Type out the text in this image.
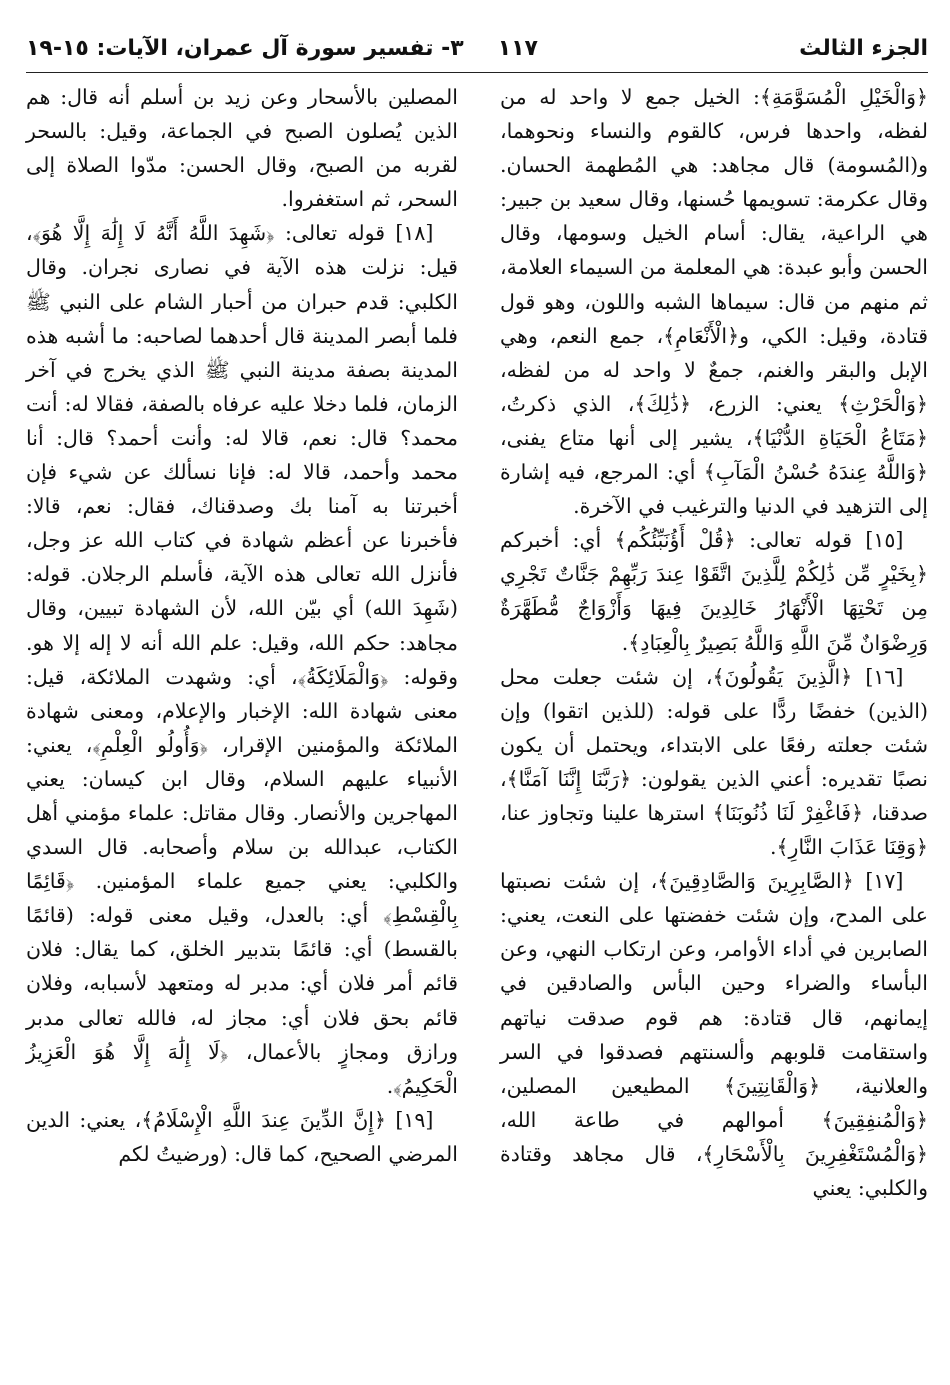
الجزء الثالث
١١٧
٣- تفسير سورة آل عمران، الآيات: ١٥-١٩

﴿وَالْخَيْلِ الْمُسَوَّمَةِ﴾: الخيل جمع لا واحد له من لفظه، واحدها فرس، كالقوم والنساء ونحوهما، و(المُسومة) قال مجاهد: هي المُطهمة الحسان. وقال عكرمة: تسويمها حُسنها، وقال سعيد بن جبير: هي الراعية، يقال: أسام الخيل وسومها، وقال الحسن وأبو عبدة: هي المعلمة من السيماء العلامة، ثم منهم من قال: سيماها الشبه واللون، وهو قول قتادة، وقيل: الكي، و﴿الْأَنْعَامِ﴾، جمع النعم، وهي الإبل والبقر والغنم، جمعٌ لا واحد له من لفظه، ﴿وَالْحَرْثِ﴾ يعني: الزرع، ﴿ذَٰلِكَ﴾، الذي ذكرتُ، ﴿مَتَاعُ الْحَيَاةِ الدُّنْيَا﴾، يشير إلى أنها متاع يفنى، ﴿وَاللَّهُ عِندَهُ حُسْنُ الْمَآبِ﴾ أي: المرجع، فيه إشارة إلى التزهيد في الدنيا والترغيب في الآخرة.

[١٥] قوله تعالى: ﴿قُلْ أَؤُنَبِّئُكُم﴾ أي: أخبركم ﴿بِخَيْرٍ مِّن ذَٰلِكُمْ لِلَّذِينَ اتَّقَوْا عِندَ رَبِّهِمْ جَنَّاتٌ تَجْرِي مِن تَحْتِهَا الْأَنْهَارُ خَالِدِينَ فِيهَا وَأَزْوَاجٌ مُّطَهَّرَةٌ وَرِضْوَانٌ مِّنَ اللَّهِ وَاللَّهُ بَصِيرٌ بِالْعِبَادِ﴾.

[١٦] ﴿الَّذِينَ يَقُولُونَ﴾، إن شئت جعلت محل (الذين) خفضًا ردًّا على قوله: (للذين اتقوا) وإن شئت جعلته رفعًا على الابتداء، ويحتمل أن يكون نصبًا تقديره: أعني الذين يقولون: ﴿رَبَّنَا إِنَّنَا آمَنَّا﴾، صدقنا، ﴿فَاغْفِرْ لَنَا ذُنُوبَنَا﴾ استرها علينا وتجاوز عنا، ﴿وَقِنَا عَذَابَ النَّارِ﴾.

[١٧] ﴿الصَّابِرِينَ وَالصَّادِقِينَ﴾، إن شئت نصبتها على المدح، وإن شئت خفضتها على النعت، يعني: الصابرين في أداء الأوامر، وعن ارتكاب النهي، وعن البأساء والضراء وحين البأس والصادقين في إيمانهم، قال قتادة: هم قوم صدقت نياتهم واستقامت قلوبهم وألسنتهم فصدقوا في السر والعلانية، ﴿وَالْقَانِتِينَ﴾ المطيعين المصلين، ﴿وَالْمُنفِقِينَ﴾ أموالهم في طاعة الله، ﴿وَالْمُسْتَغْفِرِينَ بِالْأَسْحَارِ﴾، قال مجاهد وقتادة والكلبي: يعني

المصلين بالأسحار وعن زيد بن أسلم أنه قال: هم الذين يُصلون الصبح في الجماعة، وقيل: بالسحر لقربه من الصبح، وقال الحسن: مدّوا الصلاة إلى السحر، ثم استغفروا.

[١٨] قوله تعالى: ﴿شَهِدَ اللَّهُ أَنَّهُ لَا إِلَٰهَ إِلَّا هُوَ﴾، قيل: نزلت هذه الآية في نصارى نجران. وقال الكلبي: قدم حبران من أحبار الشام على النبي ﷺ فلما أبصر المدينة قال أحدهما لصاحبه: ما أشبه هذه المدينة بصفة مدينة النبي ﷺ الذي يخرج في آخر الزمان، فلما دخلا عليه عرفاه بالصفة، فقالا له: أنت محمد؟ قال: نعم، قالا له: وأنت أحمد؟ قال: أنا محمد وأحمد، قالا له: فإنا نسألك عن شيء فإن أخبرتنا به آمنا بك وصدقناك، فقال: نعم، قالا: فأخبرنا عن أعظم شهادة في كتاب الله عز وجل، فأنزل الله تعالى هذه الآية، فأسلم الرجلان. قوله: (شَهِدَ الله) أي بيّن الله، لأن الشهادة تبيين، وقال مجاهد: حكم الله، وقيل: علم الله أنه لا إله إلا هو. وقوله: ﴿وَالْمَلَائِكَةُ﴾، أي: وشهدت الملائكة، قيل: معنى شهادة الله: الإخبار والإعلام، ومعنى شهادة الملائكة والمؤمنين الإقرار، ﴿وَأُولُو الْعِلْمِ﴾، يعني: الأنبياء عليهم السلام، وقال ابن كيسان: يعني المهاجرين والأنصار. وقال مقاتل: علماء مؤمني أهل الكتاب، عبدالله بن سلام وأصحابه. قال السدي والكلبي: يعني جميع علماء المؤمنين. ﴿قَائِمًا بِالْقِسْطِ﴾ أي: بالعدل، وقيل معنى قوله: (قائمًا بالقسط) أي: قائمًا بتدبير الخلق، كما يقال: فلان قائم أمر فلان أي: مدبر له ومتعهد لأسبابه، وفلان قائم بحق فلان أي: مجاز له، فالله تعالى مدبر ورازق ومجازٍ بالأعمال، ﴿لَا إِلَٰهَ إِلَّا هُوَ الْعَزِيزُ الْحَكِيمُ﴾.

[١٩] ﴿إِنَّ الدِّينَ عِندَ اللَّهِ الْإِسْلَامُ﴾، يعني: الدين المرضي الصحيح، كما قال: (ورضيتُ لكم
